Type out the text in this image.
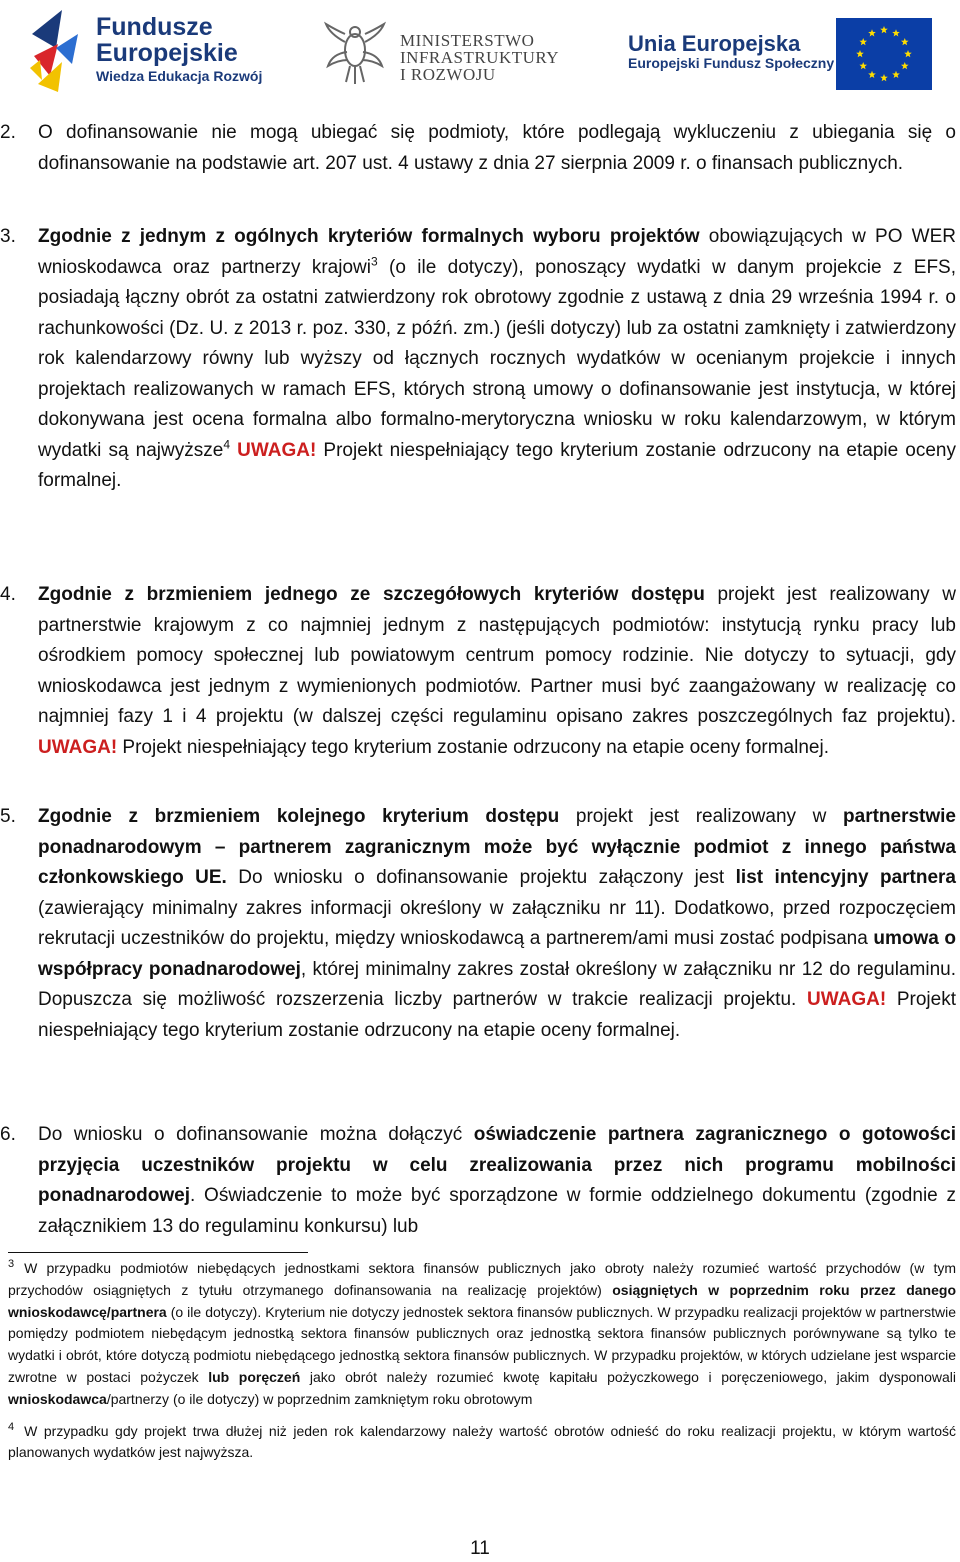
Fundusze
Europejskie
Wiedza Edukacja Rozwój
MINISTERSTWO
INFRASTRUKTURY
I ROZWOJU
Unia Europejska
Europejski Fundusz Społeczny
2. O dofinansowanie nie mogą ubiegać się podmioty, które podlegają wykluczeniu z ubiegania się o dofinansowanie na podstawie art. 207 ust. 4 ustawy z dnia 27 sierpnia 2009 r. o finansach publicznych.
3. Zgodnie z jednym z ogólnych kryteriów formalnych wyboru projektów obowiązujących w PO WER wnioskodawca oraz partnerzy krajowi$^3$ (o ile dotyczy), ponoszący wydatki w danym projekcie z EFS, posiadają łączny obrót za ostatni zatwierdzony rok obrotowy zgodnie z ustawą z dnia 29 września 1994 r. o rachunkowości (Dz. U. z 2013 r. poz. 330, z późń. zm.) (jeśli dotyczy) lub za ostatni zamknięty i zatwierdzony rok kalendarzowy równy lub wyższy od łącznych rocznych wydatków w ocenianym projekcie i innych projektach realizowanych w ramach EFS, których stroną umowy o dofinansowanie jest instytucja, w której dokonywana jest ocena formalna albo formalno-merytoryczna wniosku w roku kalendarzowym, w którym wydatki są najwyższe$^4$ UWAGA! Projekt niespełniający tego kryterium zostanie odrzucony na etapie oceny formalnej.
4. Zgodnie z brzmieniem jednego ze szczegółowych kryteriów dostępu projekt jest realizowany w partnerstwie krajowym z co najmniej jednym z następujących podmiotów: instytucją rynku pracy lub ośrodkiem pomocy społecznej lub powiatowym centrum pomocy rodzinie. Nie dotyczy to sytuacji, gdy wnioskodawca jest jednym z wymienionych podmiotów. Partner musi być zaangażowany w realizację co najmniej fazy 1 i 4 projektu (w dalszej części regulaminu opisano zakres poszczególnych faz projektu). UWAGA! Projekt niespełniający tego kryterium zostanie odrzucony na etapie oceny formalnej.
5. Zgodnie z brzmieniem kolejnego kryterium dostępu projekt jest realizowany w partnerstwie ponadnarodowym – partnerem zagranicznym może być wyłącznie podmiot z innego państwa członkowskiego UE. Do wniosku o dofinansowanie projektu załączony jest list intencyjny partnera (zawierający minimalny zakres informacji określony w załączniku nr 11). Dodatkowo, przed rozpoczęciem rekrutacji uczestników do projektu, między wnioskodawcą a partnerem/ami musi zostać podpisana umowa o współpracy ponadnarodowej, której minimalny zakres został określony w załączniku nr 12 do regulaminu. Dopuszcza się możliwość rozszerzenia liczby partnerów w trakcie realizacji projektu. UWAGA! Projekt niespełniający tego kryterium zostanie odrzucony na etapie oceny formalnej.
6. Do wniosku o dofinansowanie można dołączyć oświadczenie partnera zagranicznego o gotowości przyjęcia uczestników projektu w celu zrealizowania przez nich programu mobilności ponadnarodowej. Oświadczenie to może być sporządzone w formie oddzielnego dokumentu (zgodnie z załącznikiem 13 do regulaminu konkursu) lub
$^3$ W przypadku podmiotów niebędących jednostkami sektora finansów publicznych jako obroty należy rozumieć wartość przychodów (w tym przychodów osiągniętych z tytułu otrzymanego dofinansowania na realizację projektów) osiągniętych w poprzednim roku przez danego wnioskodawcę/partnera (o ile dotyczy). Kryterium nie dotyczy jednostek sektora finansów publicznych. W przypadku realizacji projektów w partnerstwie pomiędzy podmiotem niebędącym jednostką sektora finansów publicznych oraz jednostką sektora finansów publicznych porównywane są tylko te wydatki i obrót, które dotyczą podmiotu niebędącego jednostką sektora finansów publicznych. W przypadku projektów, w których udzielane jest wsparcie zwrotne w postaci pożyczek lub poręczeń jako obrót należy rozumieć kwotę kapitału pożyczkowego i poręczeniowego, jakim dysponowali wnioskodawca/partnerzy (o ile dotyczy) w poprzednim zamkniętym roku obrotowym
$^4$ W przypadku gdy projekt trwa dłużej niż jeden rok kalendarzowy należy wartość obrotów odnieść do roku realizacji projektu, w którym wartość planowanych wydatków jest najwyższa.
11
